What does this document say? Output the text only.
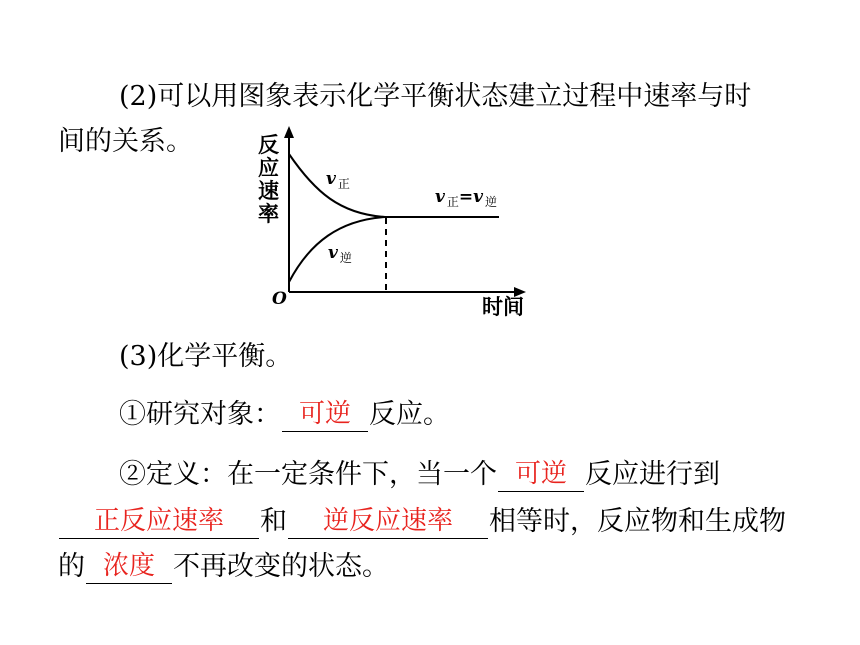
(2)可以用图象表示化学平衡状态建立过程中速率与时
间的关系。	反
应
速
率
O	时间
v $_正$
v $_逆$
v $_正$=v $_逆$
(3)化学平衡。
①研究对象： 可逆 反应。
②定义：在一定条件下，当一个 可逆 反应进行到
正反应速率	和	逆反应速率	相等时，反应物和生成物
的 浓度 不再改变的状态。
